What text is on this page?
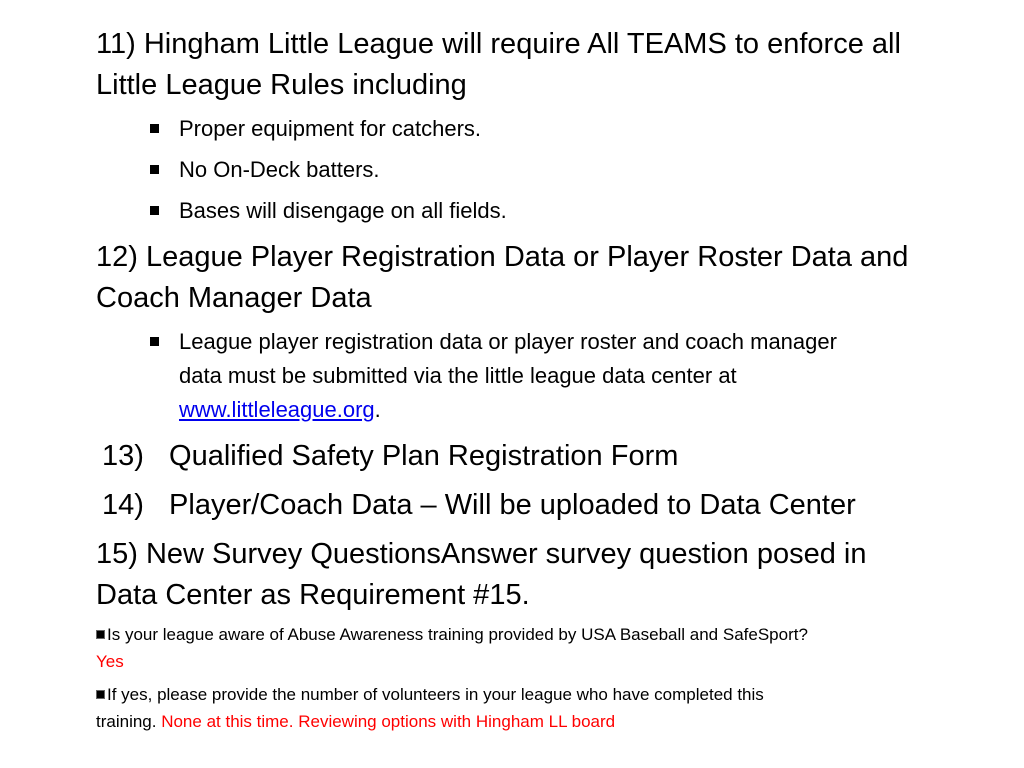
11) Hingham Little League will require All TEAMS to enforce all
Little League Rules including
Proper equipment for catchers.
No On-Deck batters.
Bases will disengage on all fields.
12) League Player Registration Data or Player Roster Data and
Coach Manager Data
League player registration data or player roster and coach manager
data must be submitted via the little league data center at
www.littleleague.org.
13) Qualified Safety Plan Registration Form
14) Player/Coach Data – Will be uploaded to Data Center
15) New Survey QuestionsAnswer survey question posed in
Data Center as Requirement #15.
Is your league aware of Abuse Awareness training provided by USA Baseball and SafeSport?
Yes
If yes, please provide the number of volunteers in your league who have completed this
training. None at this time. Reviewing options with Hingham LL board
